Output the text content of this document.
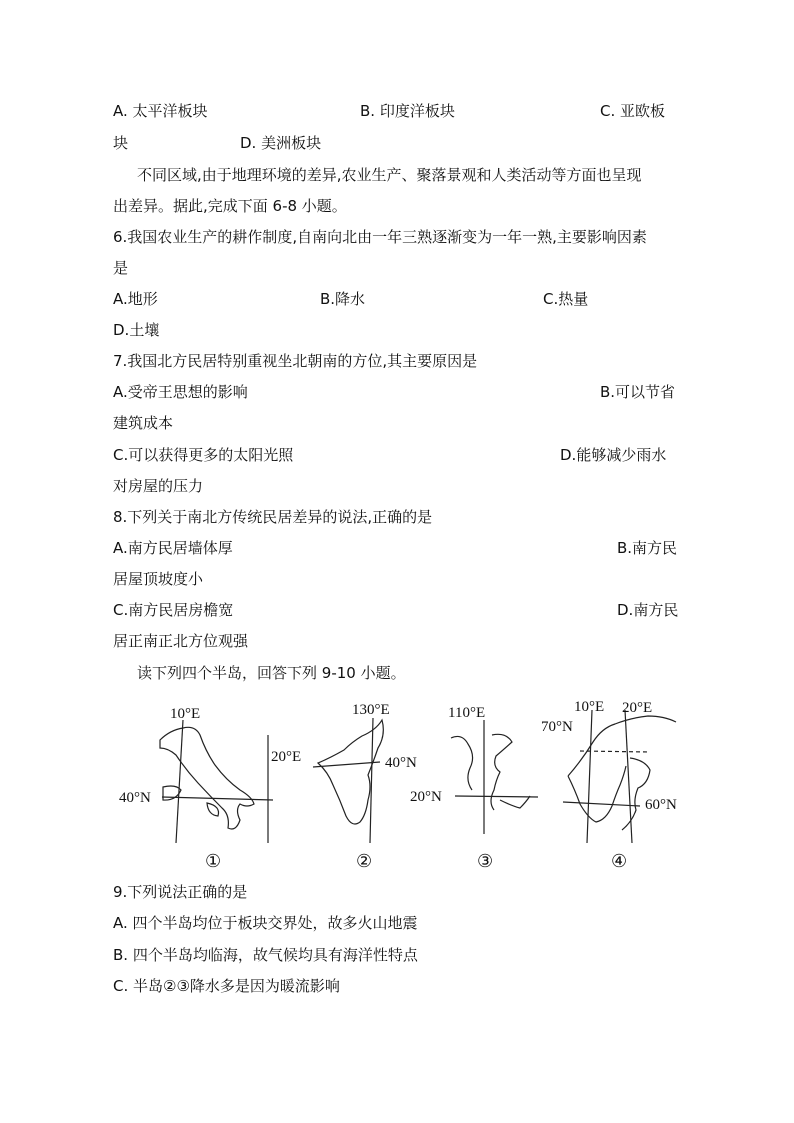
A. 太平洋板块	B. 印度洋板块	C. 亚欧板
块	D. 美洲板块
不同区域,由于地理环境的差异,农业生产、聚落景观和人类活动等方面也呈现
出差异。据此,完成下面 6-8 小题。
6.我国农业生产的耕作制度,自南向北由一年三熟逐渐变为一年一熟,主要影响因素
是
A.地形	B.降水	C.热量
D.土壤
7.我国北方民居特别重视坐北朝南的方位,其主要原因是
A.受帝王思想的影响	B.可以节省
建筑成本
C.可以获得更多的太阳光照	D.能够减少雨水
对房屋的压力
8.下列关于南北方传统民居差异的说法,正确的是
A.南方民居墙体厚	B.南方民
居屋顶坡度小
C.南方民居房檐宽	D.南方民
居正南正北方位观强
读下列四个半岛，回答下列 9-10 小题。
10°E
40°N
130°E
20°E	40°N
110°E
20°N
10°E 20°E
70°N
60°N
①	②	③	④
9.下列说法正确的是
A. 四个半岛均位于板块交界处，故多火山地震
B. 四个半岛均临海，故气候均具有海洋性特点
C. 半岛②③降水多是因为暖流影响
